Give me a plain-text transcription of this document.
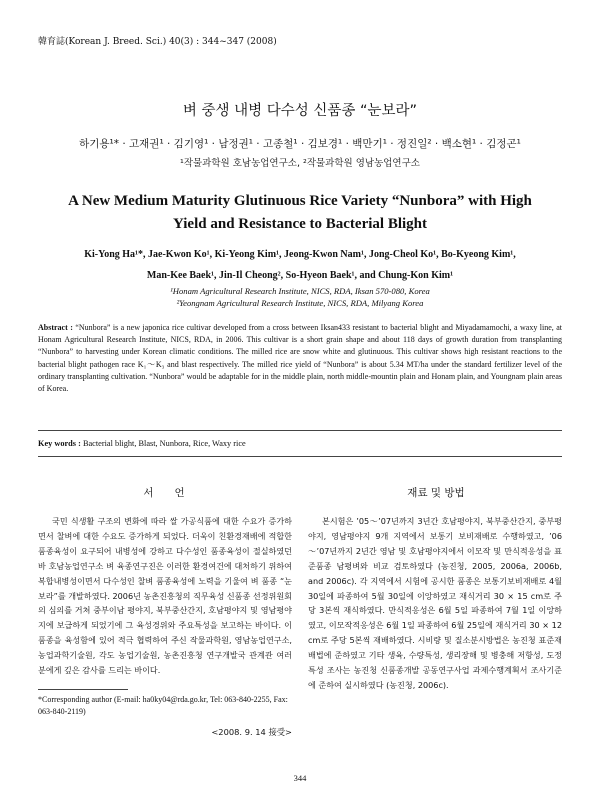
韓育誌(Korean J. Breed. Sci.) 40(3) : 344~347 (2008)
벼 중생 내병 다수성 신품종 “눈보라”
하기용¹* · 고재권¹ · 김기영¹ · 남정권¹ · 고종철¹ · 김보경¹ · 백만기¹ · 정진일² · 백소현¹ · 김정곤¹
¹작물과학원 호남농업연구소, ²작물과학원 영남농업연구소
A New Medium Maturity Glutinuous Rice Variety “Nunbora” with High
Yield and Resistance to Bacterial Blight
Ki-Yong Ha¹*, Jae-Kwon Ko¹, Ki-Yeong Kim¹, Jeong-Kwon Nam¹, Jong-Cheol Ko¹, Bo-Kyeong Kim¹,
Man-Kee Baek¹, Jin-Il Cheong², So-Hyeon Baek¹, and Chung-Kon Kim¹
¹Honam Agricultural Research Institute, NICS, RDA, Iksan 570-080, Korea
²Yeongnam Agricultural Research Institute, NICS, RDA, Milyang Korea
Abstract : “Nunbora” is a new japonica rice cultivar developed from a cross between Iksan433 resistant to bacterial blight and Miyadamamochi, a waxy line, at Honam Agricultural Research Institute, NICS, RDA, in 2006. This cultivar is a short grain shape and about 118 days of growth duration from transplanting “Nunbora” to harvesting under Korean climatic conditions. The milled rice are snow white and glutinuous. This cultivar shows high resistant reactions to the bacterial blight pathogen race K₁～K₃ and blast respectively. The milled rice yield of “Nunbora” is about 5.34 MT/ha under the standard fertilizer level of the ordinary transplanting cultivation. “Nunbora” would be adaptable for in the middle plain, north middle-mountin plain and Honam plain, and Youngnam plain areas of Korea.
Key words : Bacterial blight, Blast, Nunbora, Rice, Waxy rice
서　　언	재료 및 방법

국민 식생활 구조의 변화에 따라 쌀 가공식품에 대한 수요가 증가하면서 찰벼에 대한 수요도 증가하게 되었다. 더욱이 친환경재배에 적합한 품종육성이 요구되어 내병성에 강하고 다수성인 품종육성이 절실하였던 바 호남농업연구소 벼 육종연구진은 이러한 환경여건에 대처하기 위하여 복합내병성이면서 다수성인 찰벼 품종육성에 노력을 기울여 벼 품종 “눈보라”를 개발하였다. 2006년 농촌진흥청의 직무육성 신품종 선정위원회의 심의를 거쳐 중부이남 평야지, 북부중산간지, 호남평야지 및 영남평야지에 보급하게 되었기에 그 육성경위와 주요특성을 보고하는 바이다. 이 품종을 육성함에 있어 적극 협력하여 주신 작물과학원, 영남농업연구소, 농업과학기술원, 각도 농업기술원, 농촌진흥청 연구개발국 관계관 여러분에게 깊은 감사를 드리는 바이다.

본시험은 ’05～’07년까지 3년간 호남평야지, 북부중산간지, 중부평야지, 영남평야지 9개 지역에서 보통기 보비재배로 수행하였고, ’06～’07년까지 2년간 영남 및 호남평야지에서 이모작 및 만식적응성을 표준품종 남평벼와 비교 검토하였다 (농진청, 2005, 2006a, 2006b, and 2006c). 각 지역에서 시험에 공시한 품종은 보통기보비재배로 4월 30일에 파종하여 5월 30일에 이앙하였고 재식거리 30 × 15 cm로 주당 3본씩 재식하였다. 만식적응성은 6월 5일 파종하여 7월 1일 이앙하였고, 이모작적응성은 6월 1일 파종하여 6월 25일에 재식거리 30 × 12 cm로 주당 5본씩 재배하였다. 시비량 및 질소분시방법은 농진청 표준재배법에 준하였고 기타 생육, 수량특성, 생리장해 및 병충해 저항성, 도정특성 조사는 농진청 신품종개발 공동연구사업 과제수행계획서 조사기준에 준하여 실시하였다 (농진청, 2006c).

*Corresponding author (E-mail: ha0ky04@rda.go.kr, Tel: 063-840-2255, Fax: 063-840-2119)
<2008. 9. 14 接受>
344
